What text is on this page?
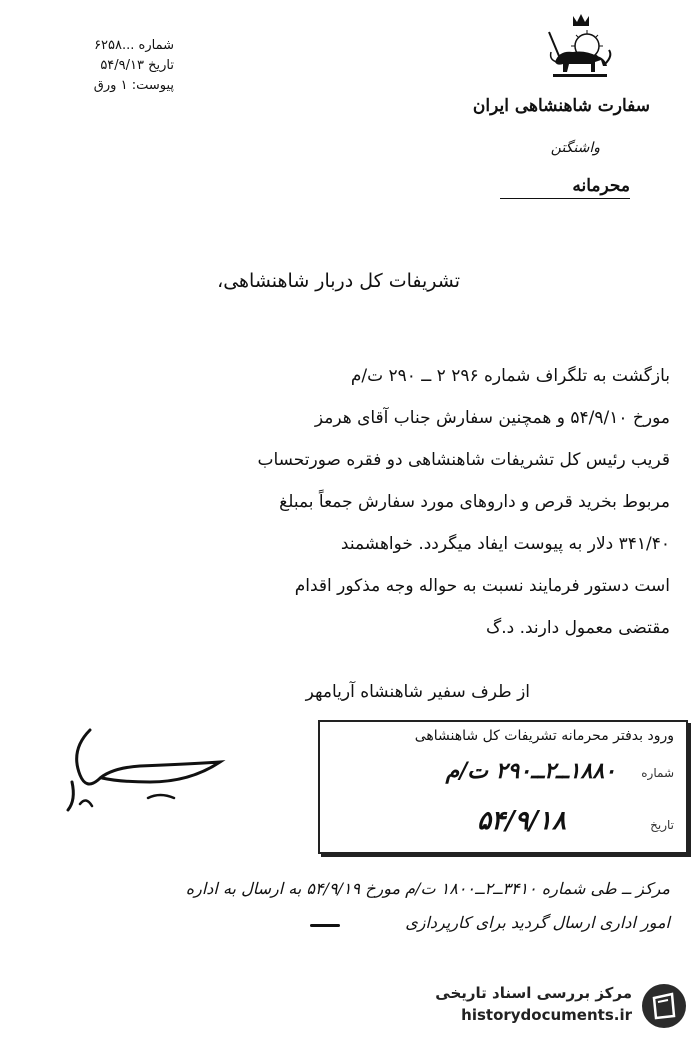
شماره ...۶۲۵۸
تاریخ ۵۴/۹/۱۳
پیوست: ۱ ورق
سفارت شاهنشاهی ایران
واشنگتن
محرمانه
تشریفات کل دربار شاهنشاهی،
بازگشت به تلگراف شماره ۲۹۶ ۲ ــ ۲۹۰ ت/م
مورخ ۵۴/۹/۱۰ و همچنین سفارش جناب آقای هرمز
قریب رئیس کل تشریفات شاهنشاهی دو فقره صورتحساب
مربوط بخرید قرص و داروهای مورد سفارش جمعاً بمبلغ
۳۴۱/۴۰ دلار به پیوست ایفاد میگردد. خواهشمند
است دستور فرمایند نسبت به حواله وجه مذکور اقدام
مقتضی معمول دارند. د.گ
از طرف سفیر شاهنشاه آریامهر
ورود بدفتر محرمانه تشریفات کل شاهنشاهی
شماره
۱۸۸۰ــ۲ــ۲۹۰ ت/م
تاریخ
۵۴/۹/۱۸
مرکز ــ طی شماره ۳۴۱۰ــ۲ــ۱۸۰۰ ت/م مورخ ۵۴/۹/۱۹ به ارسال به اداره
امور اداری ارسال گردید برای کارپردازی
مرکز بررسی اسناد تاریخی
historydocuments.ir
